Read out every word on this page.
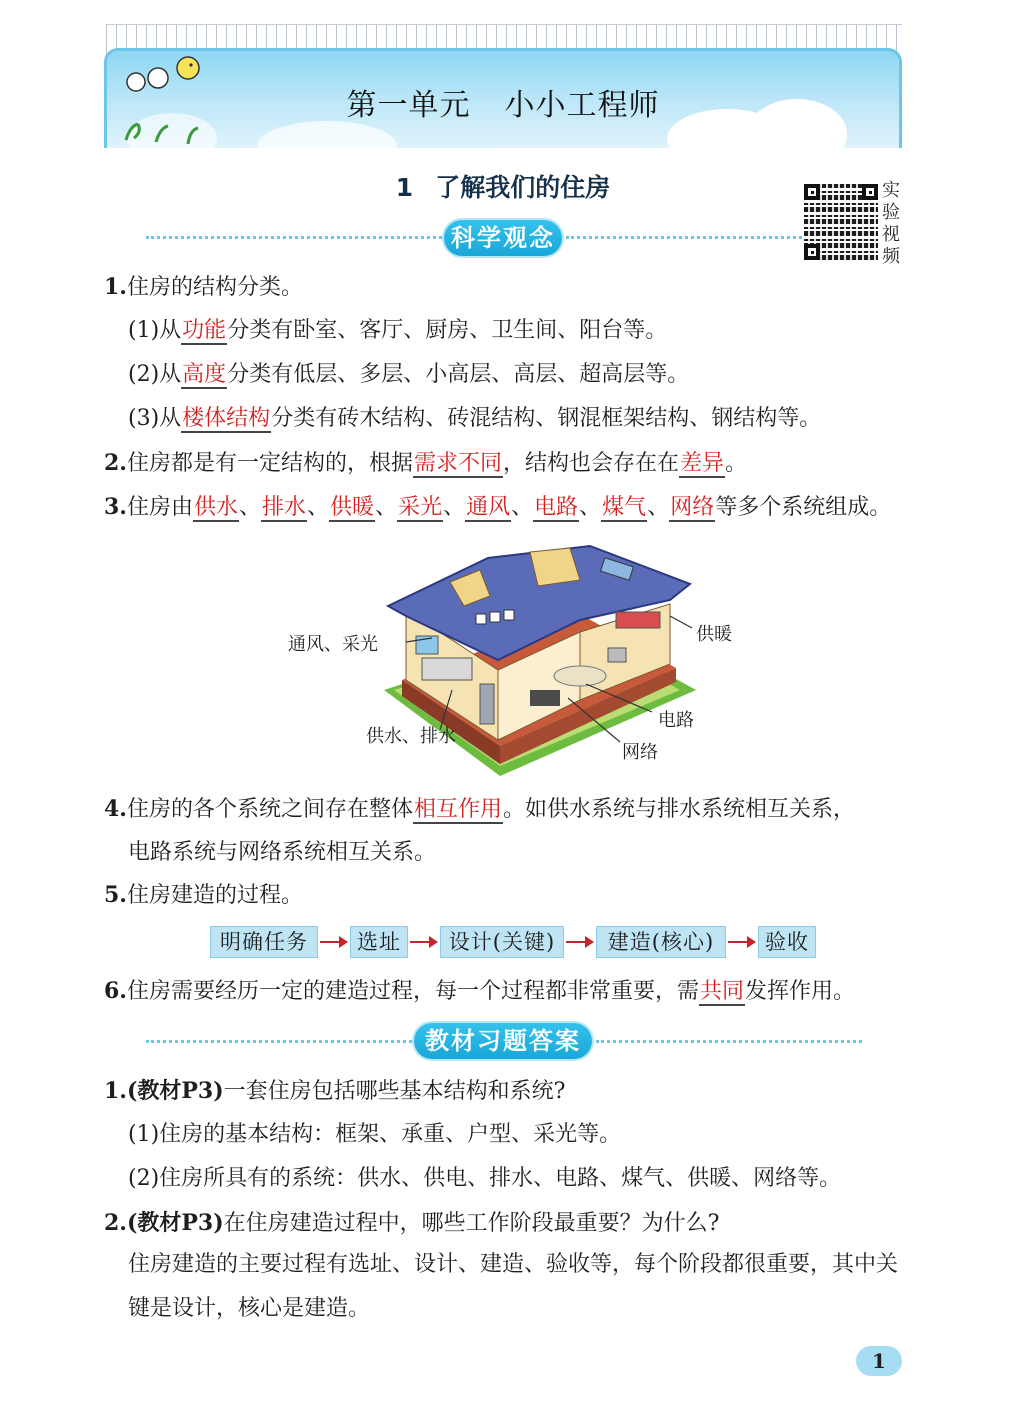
第一单元 小小工程师
1 了解我们的住房	实
验
视
频
科学观念
1.住房的结构分类。
(1)从功能分类有卧室、客厅、厨房、卫生间、阳台等。
(2)从高度分类有低层、多层、小高层、高层、超高层等。
(3)从楼体结构分类有砖木结构、砖混结构、钢混框架结构、钢结构等。
2.住房都是有一定结构的，根据需求不同，结构也会存在在差异。
3.住房由供水、排水、供暖、采光、通风、电路、煤气、网络等多个系统组成。
通风、采光	供暖
供水、排水
电路
网络
4.住房的各个系统之间存在整体相互作用。如供水系统与排水系统相互关系，
电路系统与网络系统相互关系。
5.住房建造的过程。
明确任务	选址	设计(关键)	建造(核心)	验收
6.住房需要经历一定的建造过程，每一个过程都非常重要，需共同发挥作用。
教材习题答案
1.(教材P3)一套住房包括哪些基本结构和系统?
(1)住房的基本结构：框架、承重、户型、采光等。
(2)住房所具有的系统：供水、供电、排水、电路、煤气、供暖、网络等。
2.(教材P3)在住房建造过程中，哪些工作阶段最重要？为什么?
住房建造的主要过程有选址、设计、建造、验收等，每个阶段都很重要，其中关
键是设计，核心是建造。
1
